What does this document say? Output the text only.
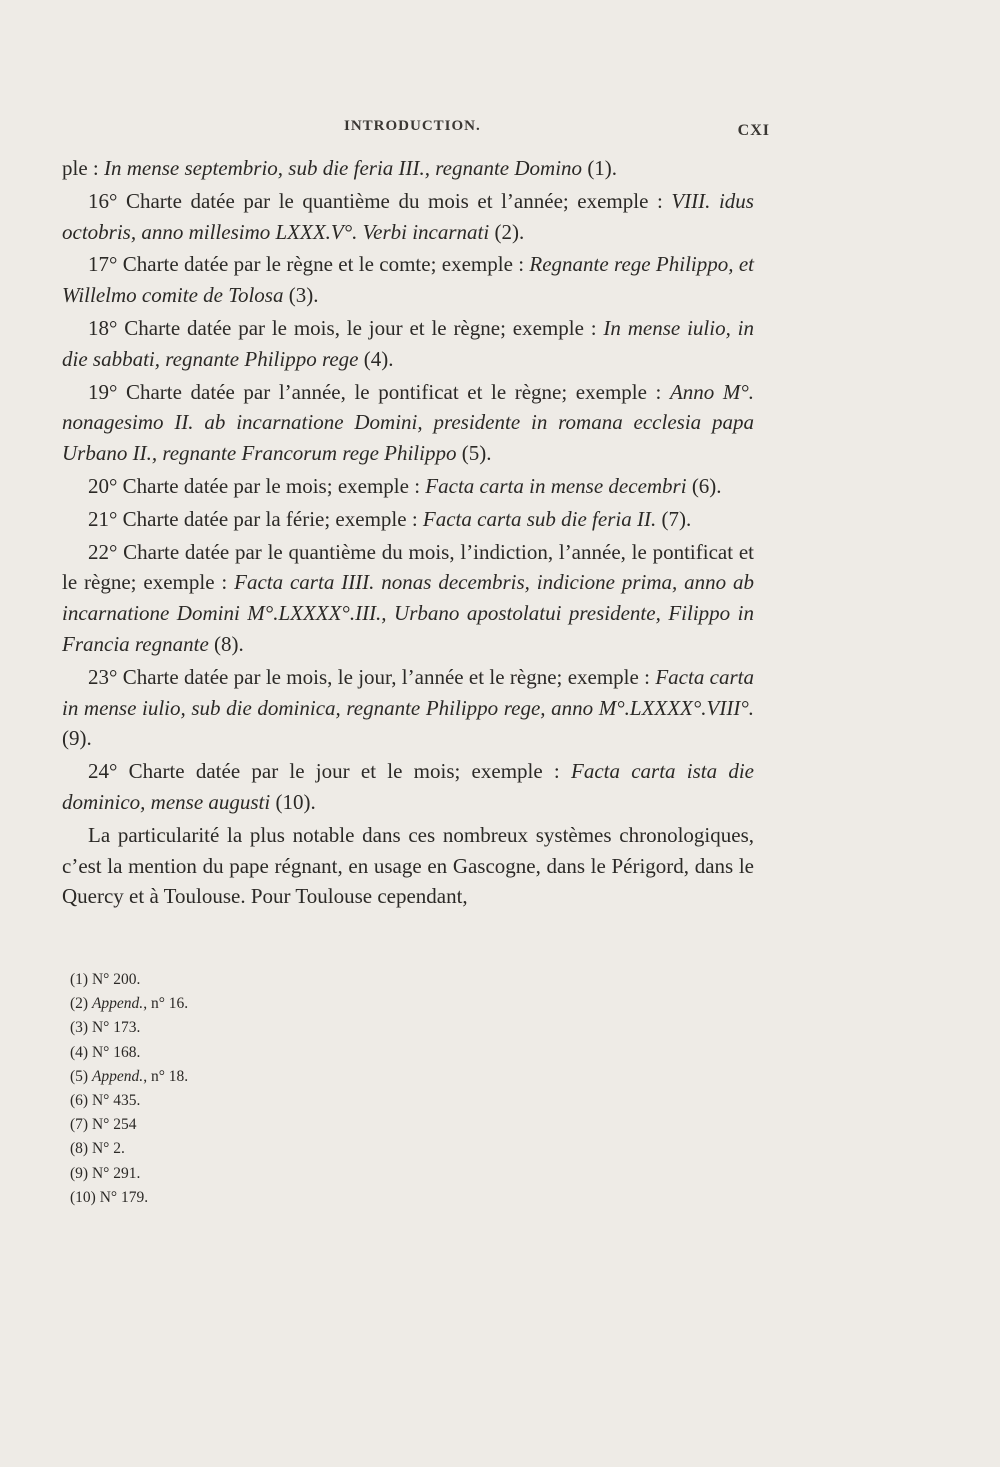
INTRODUCTION.	CXI

ple : In mense septembrio, sub die feria III., regnante Domino (1).

16° Charte datée par le quantième du mois et l’année; exemple : VIII. idus octobris, anno millesimo LXXX.V°. Verbi incarnati (2).

17° Charte datée par le règne et le comte; exemple : Regnante rege Philippo, et Willelmo comite de Tolosa (3).

18° Charte datée par le mois, le jour et le règne; exemple : In mense iulio, in die sabbati, regnante Philippo rege (4).

19° Charte datée par l’année, le pontificat et le règne; exemple : Anno M°. nonagesimo II. ab incarnatione Domini, presidente in romana ecclesia papa Urbano II., regnante Francorum rege Philippo (5).

20° Charte datée par le mois; exemple : Facta carta in mense decembri (6).

21° Charte datée par la férie; exemple : Facta carta sub die feria II. (7).

22° Charte datée par le quantième du mois, l’indiction, l’année, le pontificat et le règne; exemple : Facta carta IIII. nonas decembris, indicione prima, anno ab incarnatione Domini M°.LXXXX°.III., Urbano apostolatui presidente, Filippo in Francia regnante (8).

23° Charte datée par le mois, le jour, l’année et le règne; exemple : Facta carta in mense iulio, sub die dominica, regnante Philippo rege, anno M°.LXXXX°.VIII°. (9).

24° Charte datée par le jour et le mois; exemple : Facta carta ista die dominico, mense augusti (10).

La particularité la plus notable dans ces nombreux systèmes chronologiques, c’est la mention du pape régnant, en usage en Gascogne, dans le Périgord, dans le Quercy et à Toulouse. Pour Toulouse cependant,

(1) N° 200.
(2) Append., n° 16.
(3) N° 173.
(4) N° 168.
(5) Append., n° 18.
(6) N° 435.
(7) N° 254
(8) N° 2.
(9) N° 291.
(10) N° 179.
